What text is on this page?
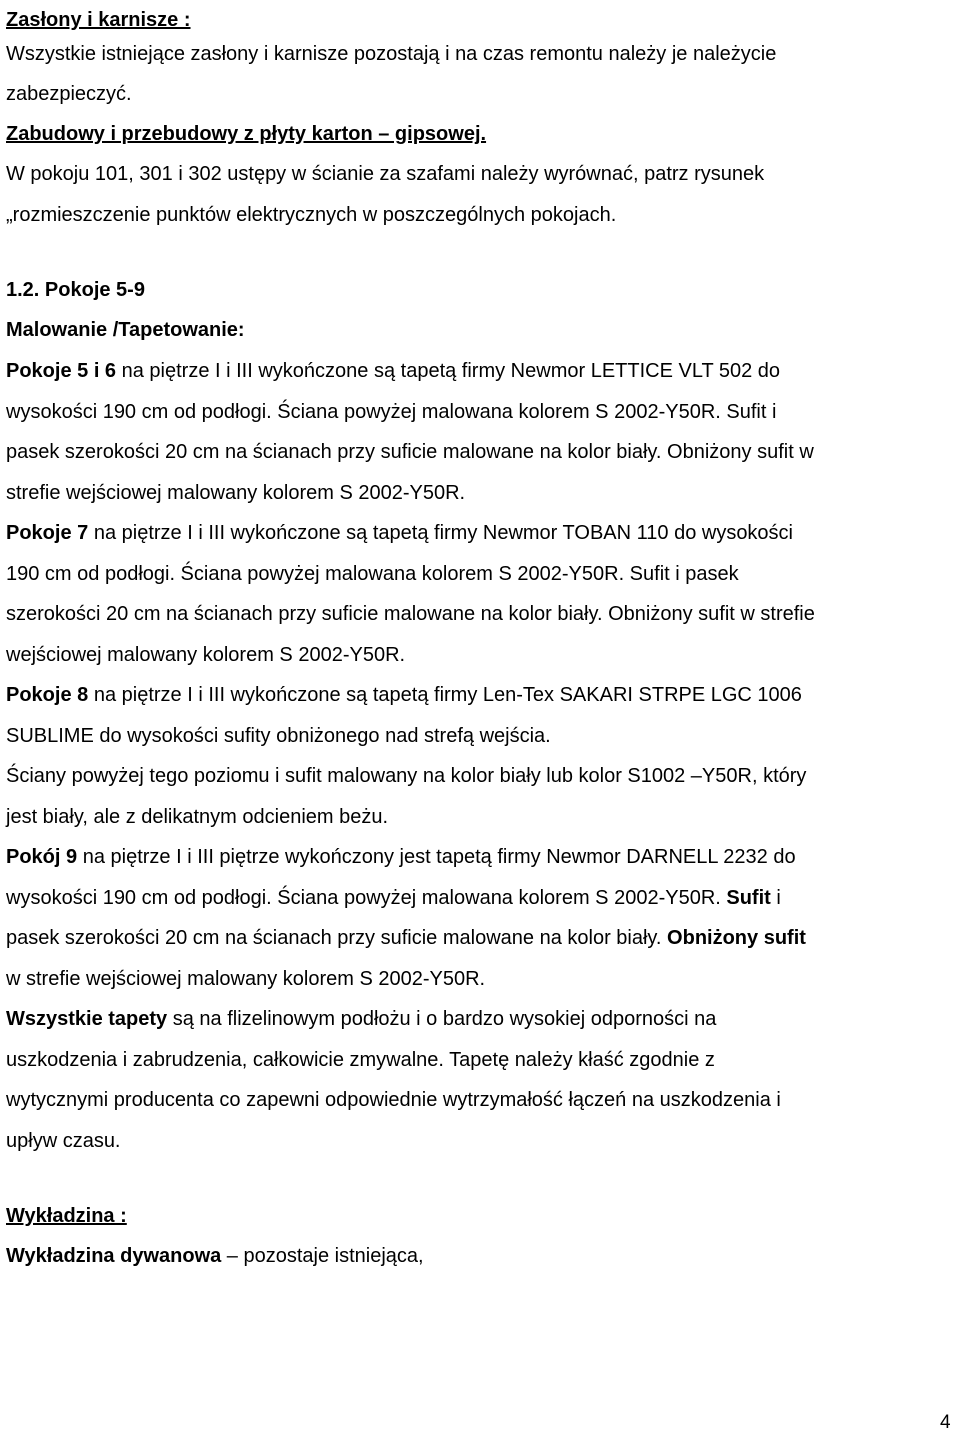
Zasłony i karnisze :
Wszystkie istniejące zasłony i karnisze pozostają i na czas remontu należy je należycie
zabezpieczyć.
Zabudowy i przebudowy z płyty karton – gipsowej.
W pokoju 101, 301 i 302 ustępy w ścianie za szafami należy wyrównać, patrz rysunek
„rozmieszczenie punktów elektrycznych w poszczególnych pokojach.
1.2. Pokoje 5-9
Malowanie /Tapetowanie:
Pokoje 5 i 6 na piętrze I i III wykończone są tapetą firmy Newmor LETTICE VLT 502 do
wysokości 190 cm od podłogi. Ściana powyżej malowana kolorem S 2002-Y50R. Sufit i
pasek szerokości 20 cm na ścianach przy suficie malowane na kolor biały. Obniżony sufit w
strefie wejściowej malowany kolorem S 2002-Y50R.
Pokoje 7 na piętrze I i III wykończone są tapetą firmy Newmor TOBAN 110 do wysokości
190 cm od podłogi. Ściana powyżej malowana kolorem S 2002-Y50R. Sufit i pasek
szerokości 20 cm na ścianach przy suficie malowane na kolor biały. Obniżony sufit w strefie
wejściowej malowany kolorem S 2002-Y50R.
Pokoje 8 na piętrze I i III wykończone są tapetą firmy Len-Tex SAKARI STRPE LGC 1006
SUBLIME do wysokości sufity obniżonego nad strefą wejścia.
Ściany powyżej tego poziomu i sufit malowany na kolor biały lub kolor S1002 –Y50R, który
jest biały, ale z delikatnym odcieniem beżu.
Pokój 9 na piętrze I i III piętrze wykończony jest tapetą firmy Newmor DARNELL 2232 do
wysokości 190 cm od podłogi. Ściana powyżej malowana kolorem S 2002-Y50R. Sufit i
pasek szerokości 20 cm na ścianach przy suficie malowane na kolor biały. Obniżony sufit
w strefie wejściowej malowany kolorem S 2002-Y50R.
Wszystkie tapety są na flizelinowym podłożu i o bardzo wysokiej odporności na
uszkodzenia i zabrudzenia, całkowicie zmywalne. Tapetę należy kłaść zgodnie z
wytycznymi producenta co zapewni odpowiednie wytrzymałość łączeń na uszkodzenia i
upływ czasu.
Wykładzina :
Wykładzina dywanowa – pozostaje istniejąca,
4
